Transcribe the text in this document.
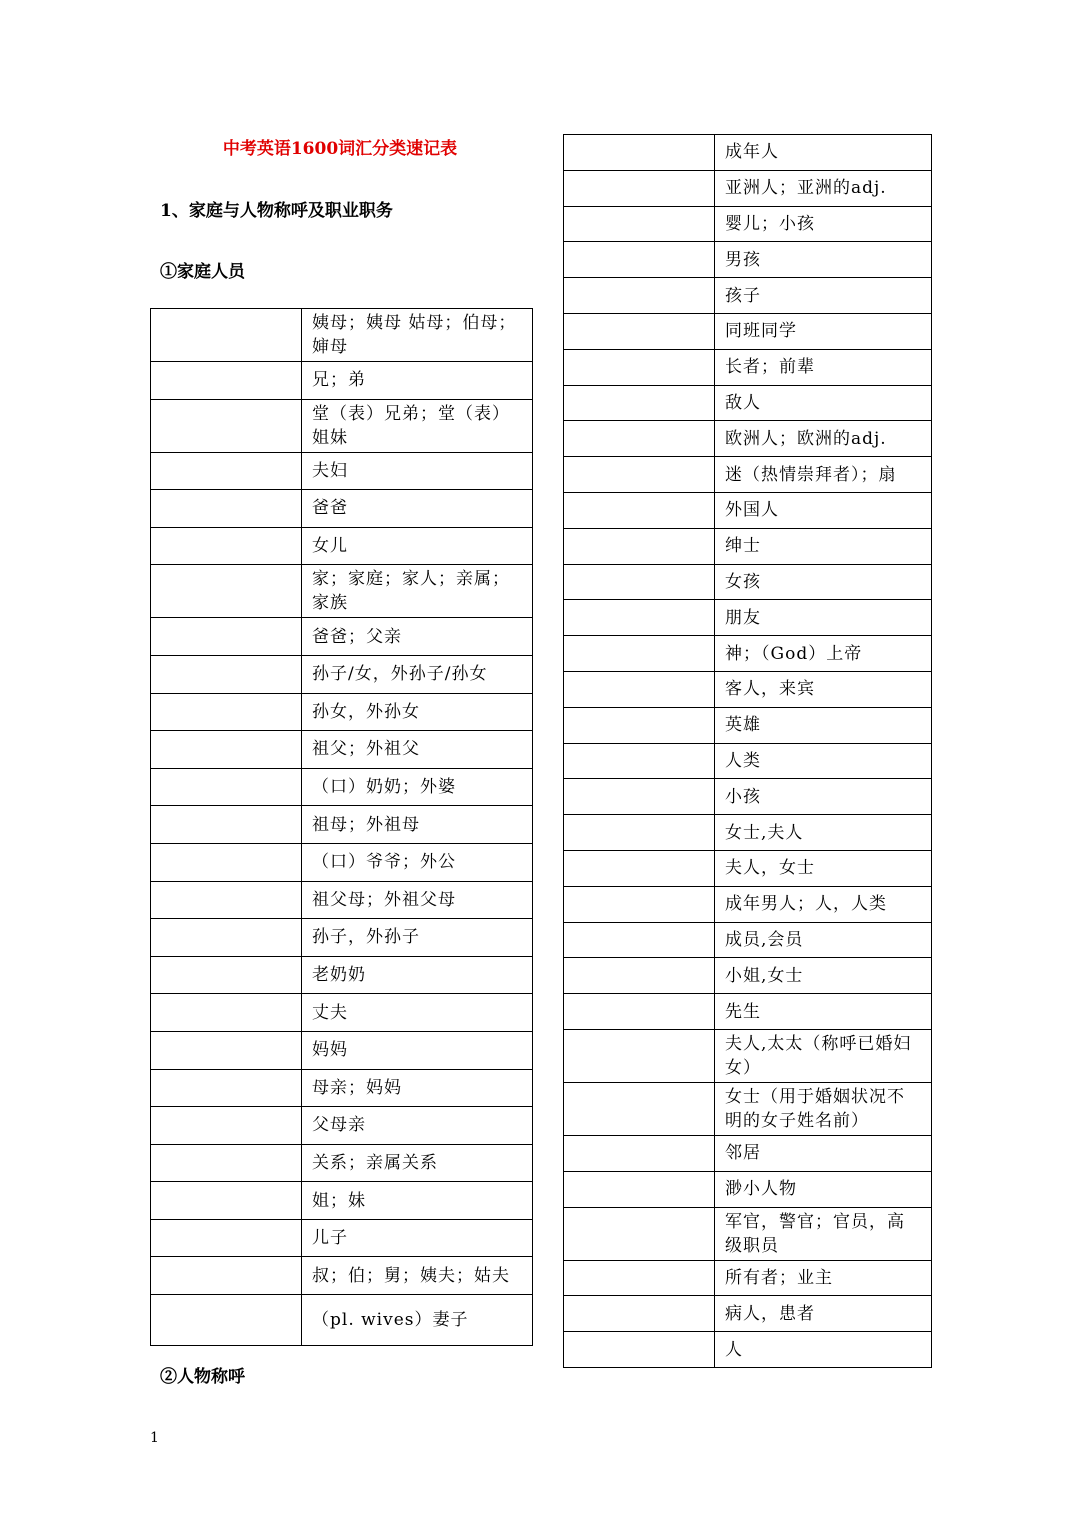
中考英语1600词汇分类速记表
1、家庭与人物称呼及职业职务
①家庭人员
	姨母；姨母 姑母；伯母；婶母
	兄；弟
	堂（表）兄弟；堂（表）姐妹
	夫妇
	爸爸
	女儿
	家；家庭；家人；亲属；家族
	爸爸；父亲
	孙子/女，外孙子/孙女
	孙女，外孙女
	祖父；外祖父
	（口）奶奶；外婆
	祖母；外祖母
	（口）爷爷；外公
	祖父母；外祖父母
	孙子，外孙子
	老奶奶
	丈夫
	妈妈
	母亲；妈妈
	父母亲
	关系；亲属关系
	姐；妹
	儿子
	叔；伯；舅；姨夫；姑夫
	（pl. wives）妻子
	成年人
	亚洲人；亚洲的adj.
	婴儿；小孩
	男孩
	孩子
	同班同学
	长者；前辈
	敌人
	欧洲人；欧洲的adj.
	迷（热情崇拜者）；扇
	外国人
	绅士
	女孩
	朋友
	神；（God）上帝
	客人，来宾
	英雄
	人类
	小孩
	女士,夫人
	夫人，女士
	成年男人；人，人类
	成员,会员
	小姐,女士
	先生
	夫人,太太（称呼已婚妇女）
	女士（用于婚姻状况不明的女子姓名前）
	邻居
	渺小人物
	军官，警官；官员，高级职员
	所有者；业主
	病人，患者
	人
②人物称呼
1
